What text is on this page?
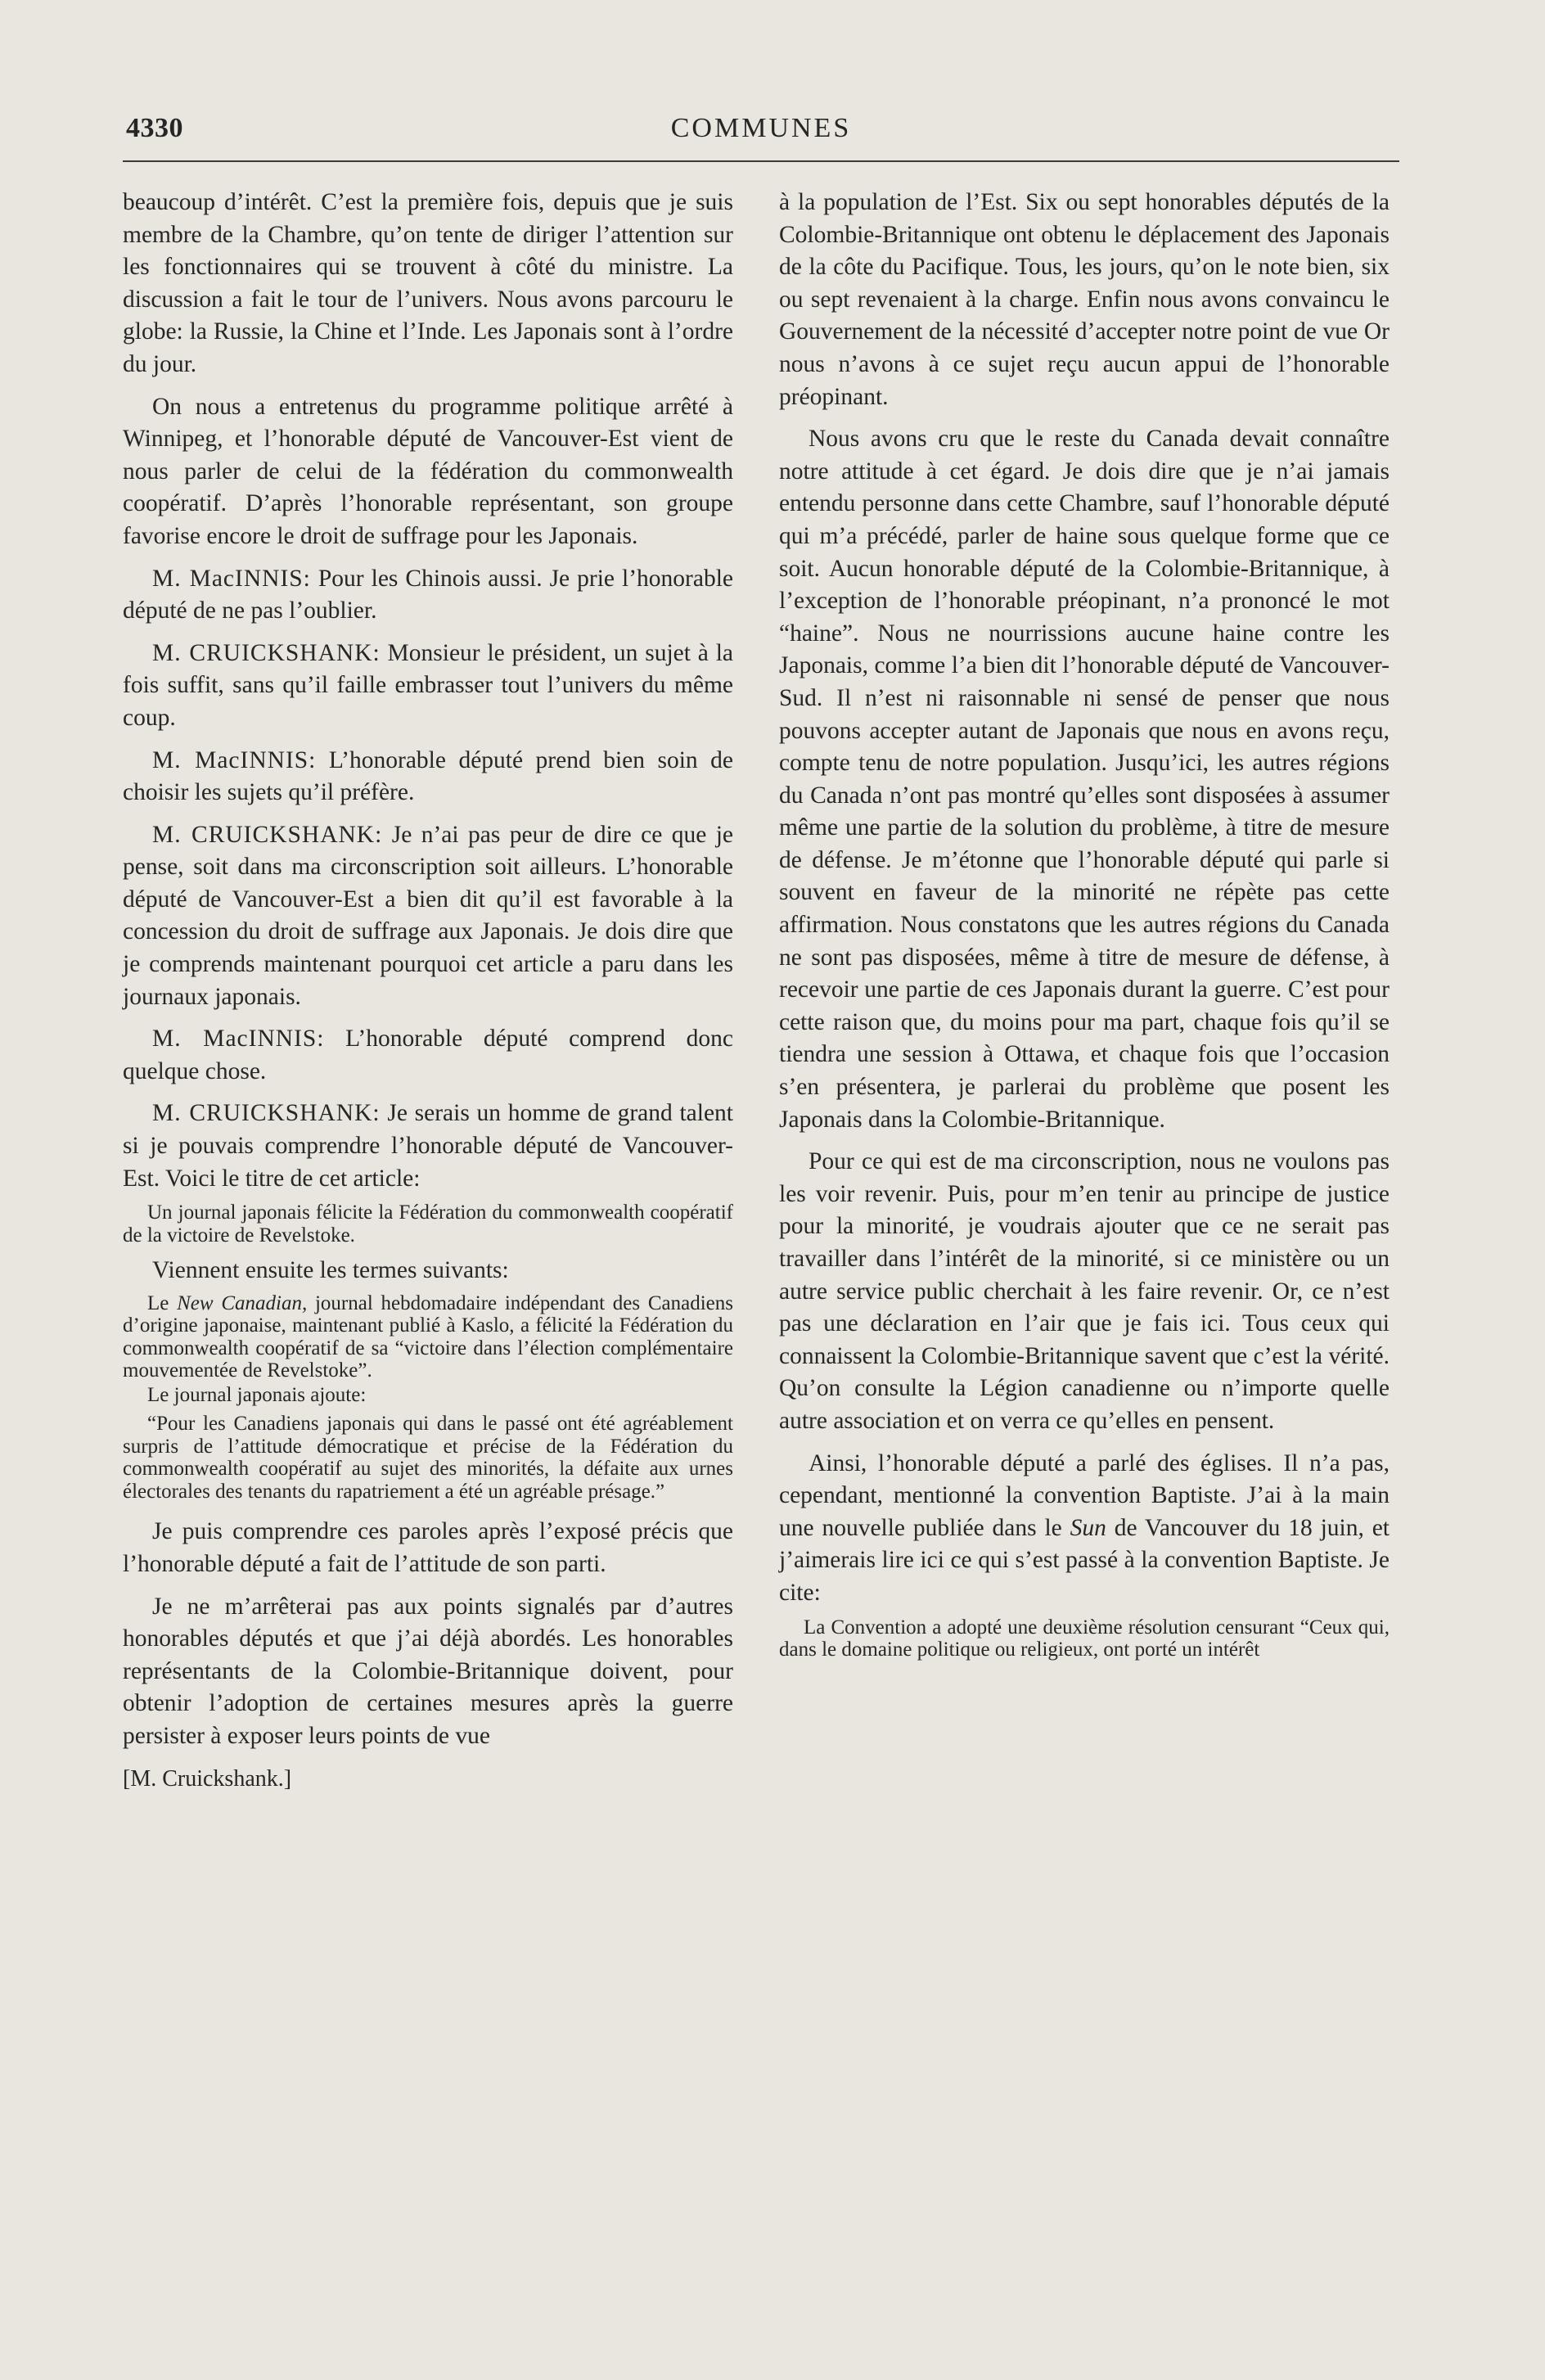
4330	COMMUNES

beaucoup d’intérêt. C’est la première fois, depuis que je suis membre de la Chambre, qu’on tente de diriger l’attention sur les fonctionnaires qui se trouvent à côté du ministre. La discussion a fait le tour de l’univers. Nous avons parcouru le globe: la Russie, la Chine et l’Inde. Les Japonais sont à l’ordre du jour.

On nous a entretenus du programme politique arrêté à Winnipeg, et l’honorable député de Vancouver-Est vient de nous parler de celui de la fédération du commonwealth coopératif. D’après l’honorable représentant, son groupe favorise encore le droit de suffrage pour les Japonais.

M. MacINNIS: Pour les Chinois aussi. Je prie l’honorable député de ne pas l’oublier.

M. CRUICKSHANK: Monsieur le président, un sujet à la fois suffit, sans qu’il faille embrasser tout l’univers du même coup.

M. MacINNIS: L’honorable député prend bien soin de choisir les sujets qu’il préfère.

M. CRUICKSHANK: Je n’ai pas peur de dire ce que je pense, soit dans ma circonscription soit ailleurs. L’honorable député de Vancouver-Est a bien dit qu’il est favorable à la concession du droit de suffrage aux Japonais. Je dois dire que je comprends maintenant pourquoi cet article a paru dans les journaux japonais.

M. MacINNIS: L’honorable député comprend donc quelque chose.

M. CRUICKSHANK: Je serais un homme de grand talent si je pouvais comprendre l’honorable député de Vancouver-Est. Voici le titre de cet article:

Un journal japonais félicite la Fédération du commonwealth coopératif de la victoire de Revelstoke.

Viennent ensuite les termes suivants:

Le New Canadian, journal hebdomadaire indépendant des Canadiens d’origine japonaise, maintenant publié à Kaslo, a félicité la Fédération du commonwealth coopératif de sa “victoire dans l’élection complémentaire mouvementée de Revelstoke”.

Le journal japonais ajoute:

“Pour les Canadiens japonais qui dans le passé ont été agréablement surpris de l’attitude démocratique et précise de la Fédération du commonwealth coopératif au sujet des minorités, la défaite aux urnes électorales des tenants du rapatriement a été un agréable présage.”

Je puis comprendre ces paroles après l’exposé précis que l’honorable député a fait de l’attitude de son parti.

Je ne m’arrêterai pas aux points signalés par d’autres honorables députés et que j’ai déjà abordés. Les honorables représentants de la Colombie-Britannique doivent, pour obtenir l’adoption de certaines mesures après la guerre persister à exposer leurs points de vue

[M. Cruickshank.]

à la population de l’Est. Six ou sept honorables députés de la Colombie-Britannique ont obtenu le déplacement des Japonais de la côte du Pacifique. Tous, les jours, qu’on le note bien, six ou sept revenaient à la charge. Enfin nous avons convaincu le Gouvernement de la nécessité d’accepter notre point de vue Or nous n’avons à ce sujet reçu aucun appui de l’honorable préopinant.

Nous avons cru que le reste du Canada devait connaître notre attitude à cet égard. Je dois dire que je n’ai jamais entendu personne dans cette Chambre, sauf l’honorable député qui m’a précédé, parler de haine sous quelque forme que ce soit. Aucun honorable député de la Colombie-Britannique, à l’exception de l’honorable préopinant, n’a prononcé le mot “haine”. Nous ne nourrissions aucune haine contre les Japonais, comme l’a bien dit l’honorable député de Vancouver-Sud. Il n’est ni raisonnable ni sensé de penser que nous pouvons accepter autant de Japonais que nous en avons reçu, compte tenu de notre population. Jusqu’ici, les autres régions du Canada n’ont pas montré qu’elles sont disposées à assumer même une partie de la solution du problème, à titre de mesure de défense. Je m’étonne que l’honorable député qui parle si souvent en faveur de la minorité ne répète pas cette affirmation. Nous constatons que les autres régions du Canada ne sont pas disposées, même à titre de mesure de défense, à recevoir une partie de ces Japonais durant la guerre. C’est pour cette raison que, du moins pour ma part, chaque fois qu’il se tiendra une session à Ottawa, et chaque fois que l’occasion s’en présentera, je parlerai du problème que posent les Japonais dans la Colombie-Britannique.

Pour ce qui est de ma circonscription, nous ne voulons pas les voir revenir. Puis, pour m’en tenir au principe de justice pour la minorité, je voudrais ajouter que ce ne serait pas travailler dans l’intérêt de la minorité, si ce ministère ou un autre service public cherchait à les faire revenir. Or, ce n’est pas une déclaration en l’air que je fais ici. Tous ceux qui connaissent la Colombie-Britannique savent que c’est la vérité. Qu’on consulte la Légion canadienne ou n’importe quelle autre association et on verra ce qu’elles en pensent.

Ainsi, l’honorable député a parlé des églises. Il n’a pas, cependant, mentionné la convention Baptiste. J’ai à la main une nouvelle publiée dans le Sun de Vancouver du 18 juin, et j’aimerais lire ici ce qui s’est passé à la convention Baptiste. Je cite:

La Convention a adopté une deuxième résolution censurant “Ceux qui, dans le domaine politique ou religieux, ont porté un intérêt
